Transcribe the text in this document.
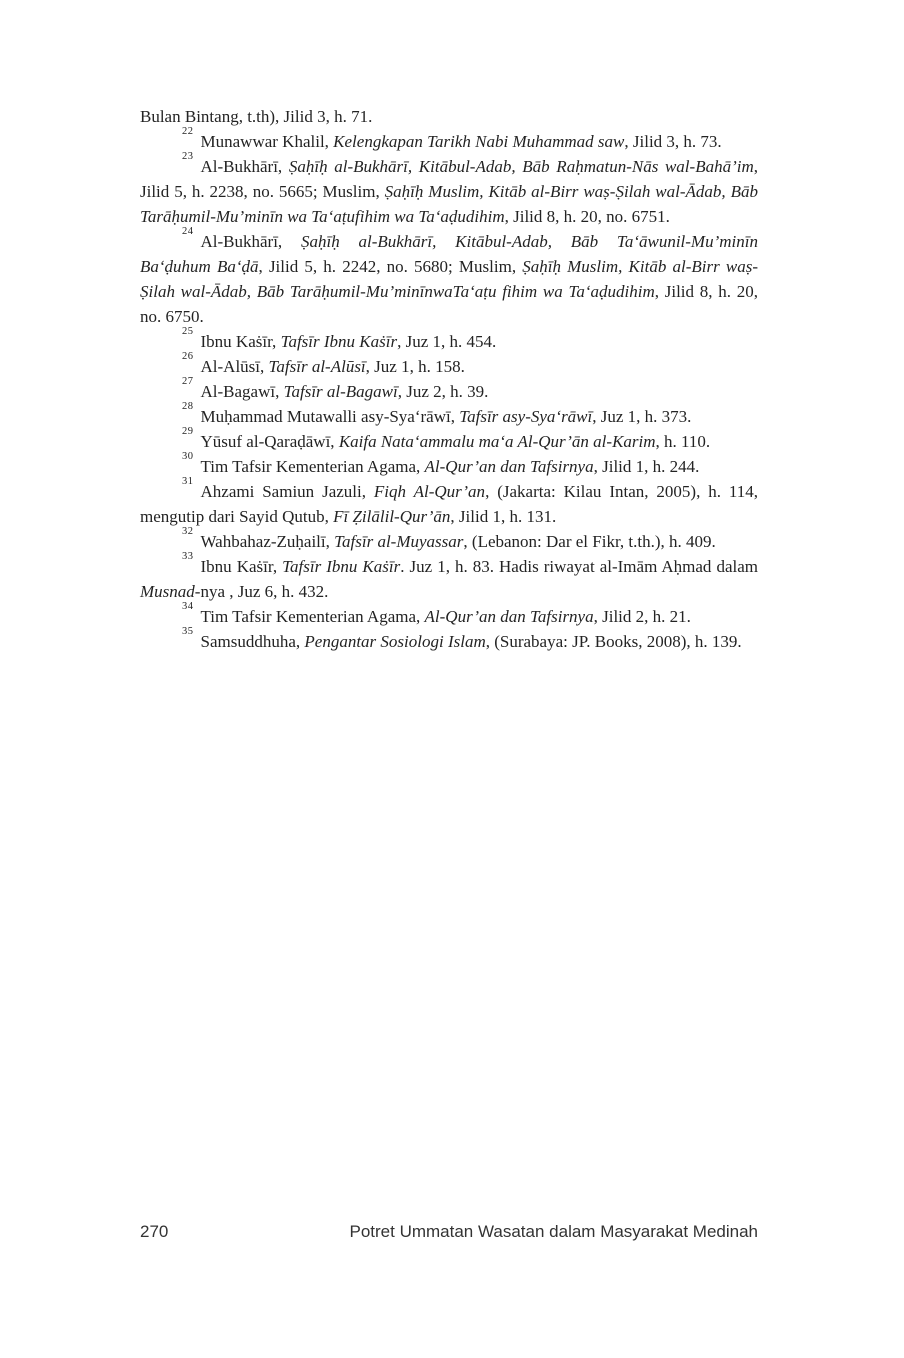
Bulan Bintang, t.th), Jilid 3, h. 71.

$^{22}$Munawwar Khalil, Kelengkapan Tarikh Nabi Muhammad saw, Jilid 3, h. 73.

$^{23}$Al-Bukhārī, Ṣaḥīḥ al-Bukhārī, Kitābul-Adab, Bāb Raḥmatun-Nās wal-Bahā’im, Jilid 5, h. 2238, no. 5665; Muslim, Ṣaḥīḥ Muslim, Kitāb al-Birr waṣ-Ṣilah wal-Ādab, Bāb Tarāḥumil-Mu’minīn wa Ta‘aṭufihim wa Ta‘aḍudihim, Jilid 8, h. 20, no. 6751.

$^{24}$Al-Bukhārī, Ṣaḥīḥ al-Bukhārī, Kitābul-Adab, Bāb Ta‘āwunil-Mu’minīn Ba‘ḍuhum Ba‘ḍā, Jilid 5, h. 2242, no. 5680; Muslim, Ṣaḥīḥ Muslim, Kitāb al-Birr waṣ-Ṣilah wal-Ādab, Bāb Tarāḥumil-Mu’minīnwaTa‘aṭu fihim wa Ta‘aḍudihim, Jilid 8, h. 20, no. 6750.

$^{25}$Ibnu Kaṡīr, Tafsīr Ibnu Kaṡīr, Juz 1, h. 454.

$^{26}$Al-Alūsī, Tafsīr al-Alūsī, Juz 1, h. 158.

$^{27}$Al-Bagawī, Tafsīr al-Bagawī, Juz 2, h. 39.

$^{28}$Muḥammad Mutawalli asy-Sya‘rāwī, Tafsīr asy-Sya‘rāwī, Juz 1, h. 373.

$^{29}$Yūsuf al-Qaraḍāwī, Kaifa Nata‘ammalu ma‘a Al-Qur’ān al-Karim, h. 110.

$^{30}$Tim Tafsir Kementerian Agama, Al-Qur’an dan Tafsirnya, Jilid 1, h. 244.

$^{31}$Ahzami Samiun Jazuli, Fiqh Al-Qur’an, (Jakarta: Kilau Intan, 2005), h. 114, mengutip dari Sayid Qutub, Fī Ẓilālil-Qur’ān, Jilid 1, h. 131.

$^{32}$Wahbahaz-Zuḥailī, Tafsīr al-Muyassar, (Lebanon: Dar el Fikr, t.th.), h. 409.

$^{33}$Ibnu Kaṡīr, Tafsīr Ibnu Kaṡīr. Juz 1, h. 83. Hadis riwayat al-Imām Aḥmad dalam Musnad-nya , Juz 6, h. 432.

$^{34}$Tim Tafsir Kementerian Agama, Al-Qur’an dan Tafsirnya, Jilid 2, h. 21.

$^{35}$Samsuddhuha, Pengantar Sosiologi Islam, (Surabaya: JP. Books, 2008), h. 139.

270	Potret Ummatan Wasatan dalam Masyarakat Medinah
